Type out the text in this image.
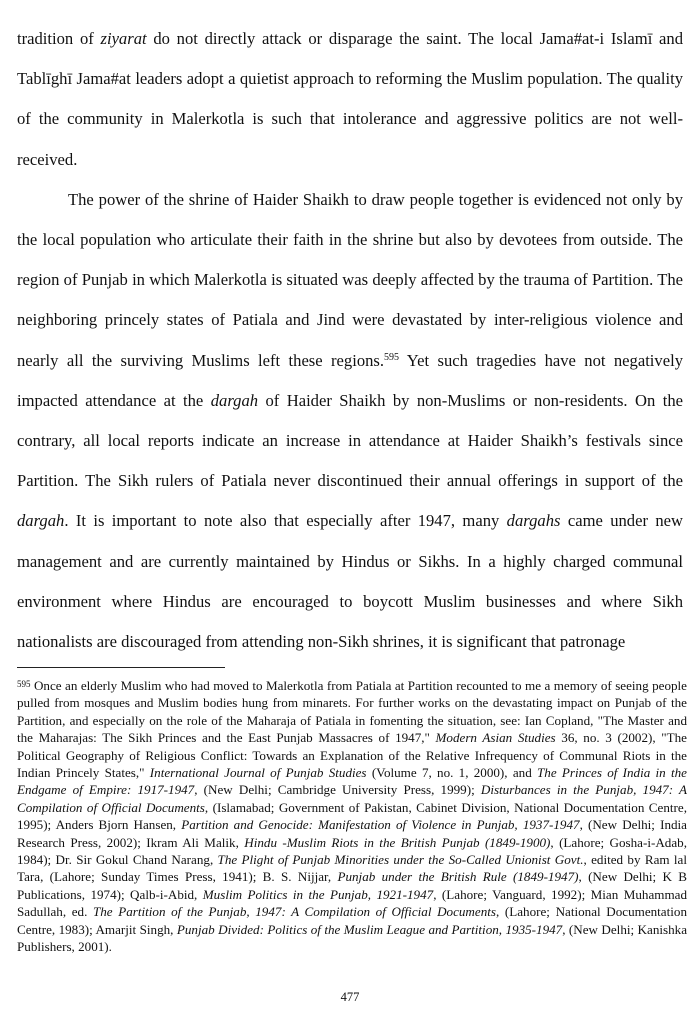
tradition of ziyarat do not directly attack or disparage the saint. The local Jama#at-i Islamī and Tablīghī Jama#at leaders adopt a quietist approach to reforming the Muslim population. The quality of the community in Malerkotla is such that intolerance and aggressive politics are not well-received.

The power of the shrine of Haider Shaikh to draw people together is evidenced not only by the local population who articulate their faith in the shrine but also by devotees from outside. The region of Punjab in which Malerkotla is situated was deeply affected by the trauma of Partition. The neighboring princely states of Patiala and Jind were devastated by inter-religious violence and nearly all the surviving Muslims left these regions.$^{595}$ Yet such tragedies have not negatively impacted attendance at the dargah of Haider Shaikh by non-Muslims or non-residents. On the contrary, all local reports indicate an increase in attendance at Haider Shaikh’s festivals since Partition. The Sikh rulers of Patiala never discontinued their annual offerings in support of the dargah. It is important to note also that especially after 1947, many dargahs came under new management and are currently maintained by Hindus or Sikhs. In a highly charged communal environment where Hindus are encouraged to boycott Muslim businesses and where Sikh nationalists are discouraged from attending non-Sikh shrines, it is significant that patronage

$^{595}$ Once an elderly Muslim who had moved to Malerkotla from Patiala at Partition recounted to me a memory of seeing people pulled from mosques and Muslim bodies hung from minarets. For further works on the devastating impact on Punjab of the Partition, and especially on the role of the Maharaja of Patiala in fomenting the situation, see: Ian Copland, "The Master and the Maharajas: The Sikh Princes and the East Punjab Massacres of 1947," Modern Asian Studies 36, no. 3 (2002), "The Political Geography of Religious Conflict: Towards an Explanation of the Relative Infrequency of Communal Riots in the Indian Princely States," International Journal of Punjab Studies (Volume 7, no. 1, 2000), and The Princes of India in the Endgame of Empire: 1917-1947, (New Delhi; Cambridge University Press, 1999); Disturbances in the Punjab, 1947: A Compilation of Official Documents, (Islamabad; Government of Pakistan, Cabinet Division, National Documentation Centre, 1995); Anders Bjorn Hansen, Partition and Genocide: Manifestation of Violence in Punjab, 1937-1947, (New Delhi; India Research Press, 2002); Ikram Ali Malik, Hindu -Muslim Riots in the British Punjab (1849-1900), (Lahore; Gosha-i-Adab, 1984); Dr. Sir Gokul Chand Narang, The Plight of Punjab Minorities under the So-Called Unionist Govt., edited by Ram lal Tara, (Lahore; Sunday Times Press, 1941); B. S. Nijjar, Punjab under the British Rule (1849-1947), (New Delhi; K B Publications, 1974); Qalb-i-Abid, Muslim Politics in the Punjab, 1921-1947, (Lahore; Vanguard, 1992); Mian Muhammad Sadullah, ed. The Partition of the Punjab, 1947: A Compilation of Official Documents, (Lahore; National Documentation Centre, 1983); Amarjit Singh, Punjab Divided: Politics of the Muslim League and Partition, 1935-1947, (New Delhi; Kanishka Publishers, 2001).

477
